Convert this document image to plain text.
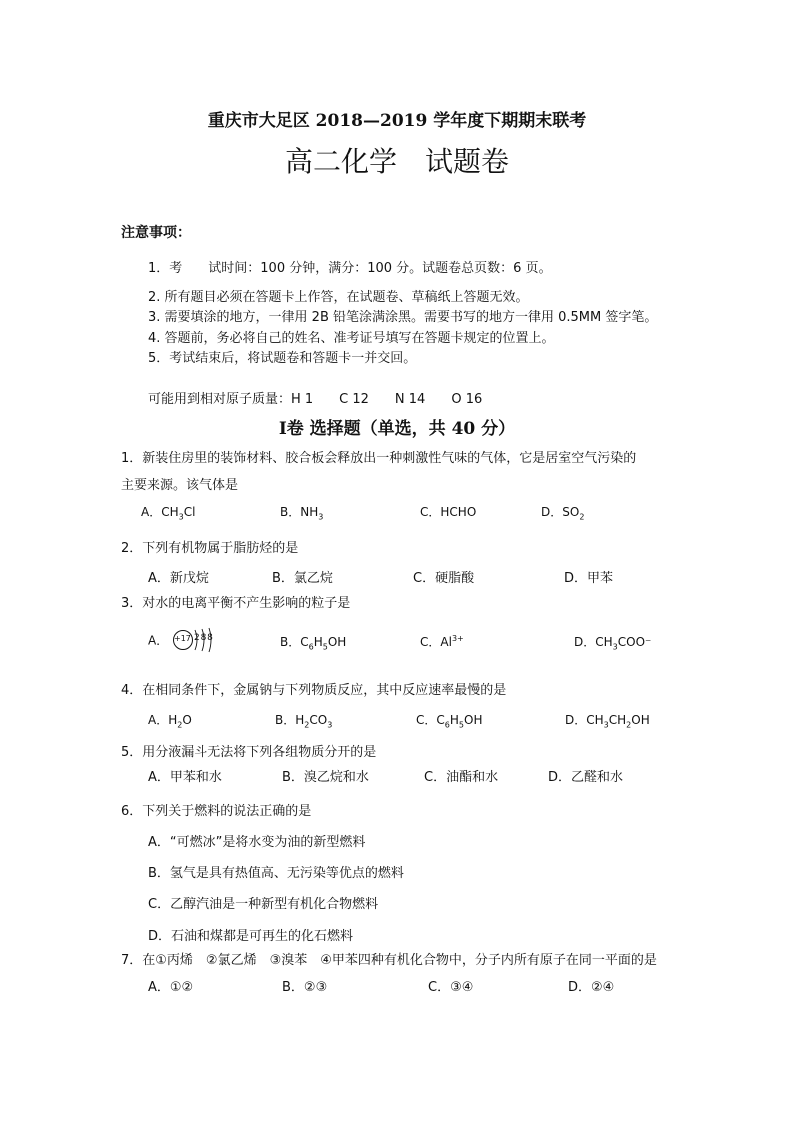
重庆市大足区 2018—2019 学年度下期期末联考
高二化学　试题卷
注意事项：
1．考　　试时间：100 分钟，满分：100 分。试题卷总页数：6 页。
2. 所有题目必须在答题卡上作答，在试题卷、草稿纸上答题无效。
3. 需要填涂的地方，一律用 2B 铅笔涂满涂黑。需要书写的地方一律用 0.5MM 签字笔。
4. 答题前，务必将自己的姓名、准考证号填写在答题卡规定的位置上。
5．考试结束后，将试题卷和答题卡一并交回。
可能用到相对原子质量：H 1　　C 12　　N 14　　O 16
Ⅰ卷 选择题（单选，共 40 分）
1．新装住房里的装饰材料、胶合板会释放出一种刺激性气味的气体，它是居室空气污染的
主要来源。该气体是
A．$CH_3Cl$	B．$NH_3$	C．HCHO	D．$SO_2$
2．下列有机物属于脂肪烃的是
A．新戊烷	B．氯乙烷	C．硬脂酸	D．甲苯
3．对水的电离平衡不产生影响的粒子是
A． +17 2 8 8	B．$C_6H_5OH$	C．$Al^{3+}$	D．$CH_3COO^-$
4．在相同条件下，金属钠与下列物质反应，其中反应速率最慢的是
A．$H_2O$	B．$H_2CO_3$	C．$C_6H_5OH$	D．$CH_3CH_2OH$
5．用分液漏斗无法将下列各组物质分开的是
A．甲苯和水	B．溴乙烷和水	C．油酯和水	D．乙醛和水
6．下列关于燃料的说法正确的是
A．“可燃冰”是将水变为油的新型燃料
B．氢气是具有热值高、无污染等优点的燃料
C．乙醇汽油是一种新型有机化合物燃料
D．石油和煤都是可再生的化石燃料
7．在①丙烯　②氯乙烯　③溴苯　④甲苯四种有机化合物中，分子内所有原子在同一平面的是
A．①②	B．②③	C．③④	D．②④
